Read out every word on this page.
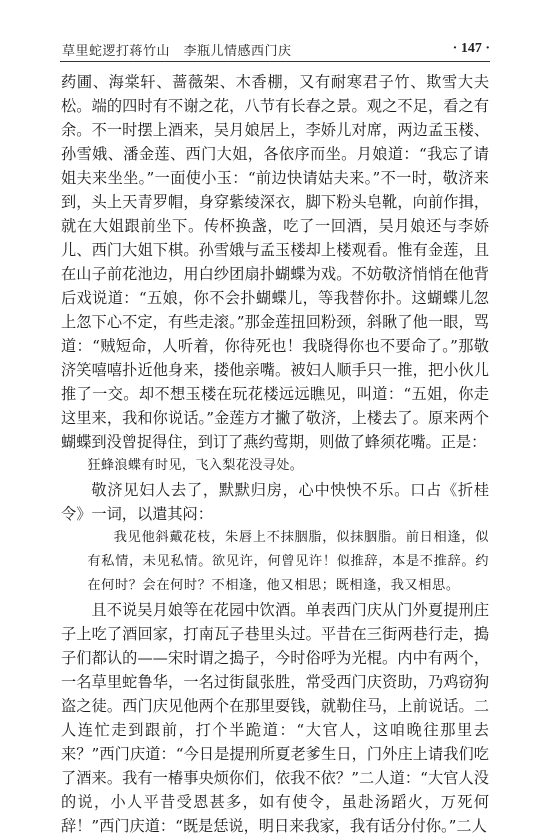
草里蛇逻打蒋竹山　李瓶儿情感西门庆	· 147 ·

药圃、海棠轩、蔷薇架、木香棚，又有耐寒君子竹、欺雪大夫松。端的四时有不谢之花，八节有长春之景。观之不足，看之有余。不一时摆上酒来，吴月娘居上，李娇儿对席，两边孟玉楼、孙雪娥、潘金莲、西门大姐，各依序而坐。月娘道：“我忘了请姐夫来坐坐。”一面使小玉：“前边快请姑夫来。”不一时，敬济来到，头上天青罗帽，身穿紫绫深衣，脚下粉头皂靴，向前作揖，就在大姐跟前坐下。传杯换盏，吃了一回酒，吴月娘还与李娇儿、西门大姐下棋。孙雪娥与孟玉楼却上楼观看。惟有金莲，且在山子前花池边，用白纱团扇扑蝴蝶为戏。不妨敬济悄悄在他背后戏说道：“五娘，你不会扑蝴蝶儿，等我替你扑。这蝴蝶儿忽上忽下心不定，有些走滚。”那金莲扭回粉颈，斜瞅了他一眼，骂道：“贼短命，人听着，你待死也！我晓得你也不要命了。”那敬济笑嘻嘻扑近他身来，搂他亲嘴。被妇人顺手只一推，把小伙儿推了一交。却不想玉楼在玩花楼远远瞧见，叫道：“五姐，你走这里来，我和你说话。”金莲方才撇了敬济，上楼去了。原来两个蝴蝶到没曾捉得住，到订了燕约莺期，则做了蜂须花嘴。正是：

狂蜂浪蝶有时见，飞入梨花没寻处。

敬济见妇人去了，默默归房，心中怏怏不乐。口占《折桂令》一词，以遣其闷：

我见他斜戴花枝，朱唇上不抹胭脂，似抹胭脂。前日相逢，似有私情，未见私情。欲见许，何曾见许！似推辞，本是不推辞。约在何时？会在何时？不相逢，他又相思；既相逢，我又相思。

且不说吴月娘等在花园中饮酒。单表西门庆从门外夏提刑庄子上吃了酒回家，打南瓦子巷里头过。平昔在三街两巷行走，搗子们都认的——宋时谓之搗子，今时俗呼为光棍。内中有两个，一名草里蛇鲁华，一名过街鼠张胜，常受西门庆资助，乃鸡窃狗盗之徒。西门庆见他两个在那里耍钱，就勒住马，上前说话。二人连忙走到跟前，打个半跪道：“大官人，这咱晚往那里去来？”西门庆道：“今日是提刑所夏老爹生日，门外庄上请我们吃了酒来。我有一椿事央烦你们，依我不依？”二人道：“大官人没的说，小人平昔受恩甚多，如有使令，虽赴汤蹈火，万死何辞！”西门庆道：“既是恁说，明日来我家，我有话分付你。”二人
